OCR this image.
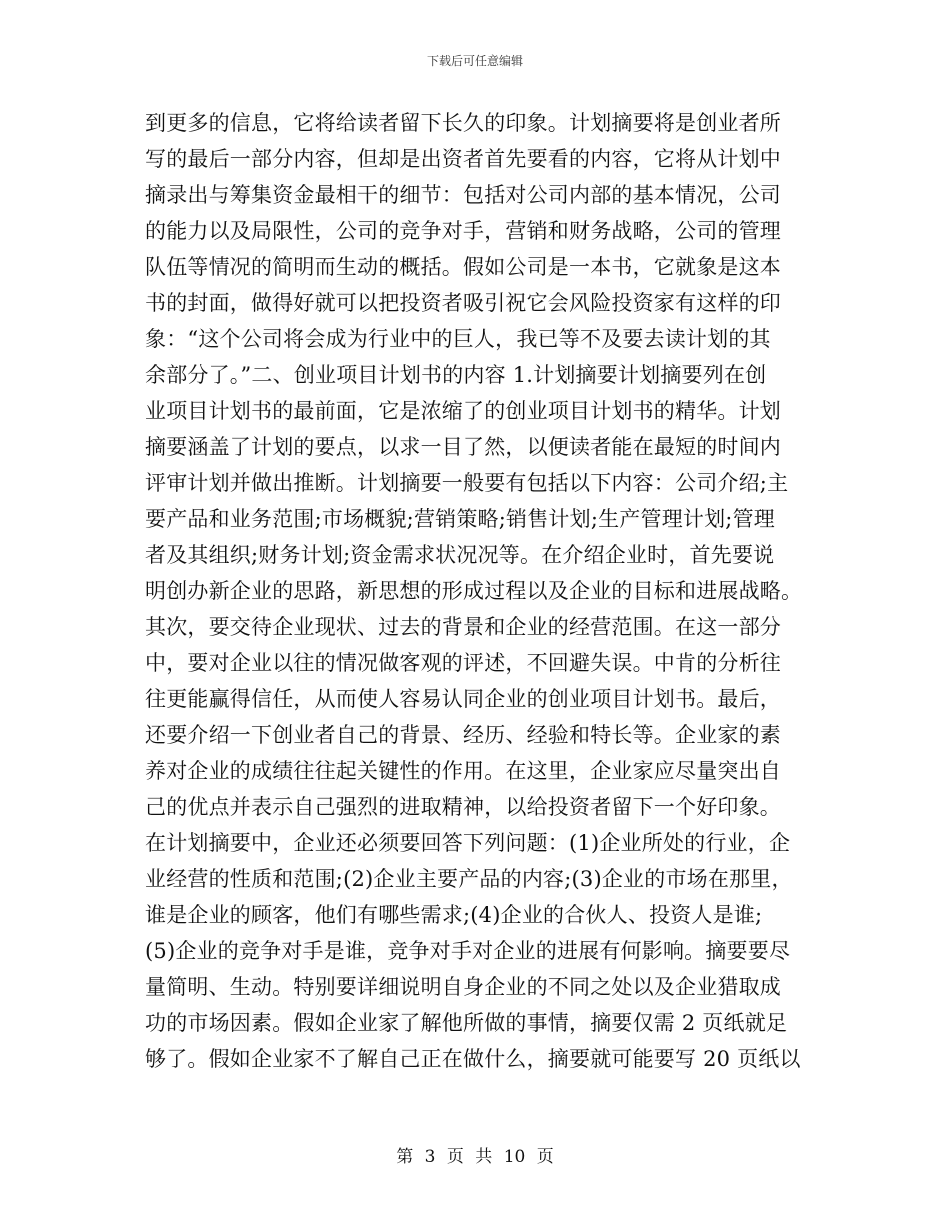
下载后可任意编辑
到更多的信息，它将给读者留下长久的印象。计划摘要将是创业者所
写的最后一部分内容，但却是出资者首先要看的内容，它将从计划中
摘录出与筹集资金最相干的细节：包括对公司内部的基本情况，公司
的能力以及局限性，公司的竞争对手，营销和财务战略，公司的管理
队伍等情况的简明而生动的概括。假如公司是一本书，它就象是这本
书的封面，做得好就可以把投资者吸引祝它会风险投资家有这样的印
象：“这个公司将会成为行业中的巨人，我已等不及要去读计划的其
余部分了。”二、创业项目计划书的内容 1.计划摘要计划摘要列在创
业项目计划书的最前面，它是浓缩了的创业项目计划书的精华。计划
摘要涵盖了计划的要点，以求一目了然，以便读者能在最短的时间内
评审计划并做出推断。计划摘要一般要有包括以下内容：公司介绍;主
要产品和业务范围;市场概貌;营销策略;销售计划;生产管理计划;管理
者及其组织;财务计划;资金需求状况况等。在介绍企业时，首先要说
明创办新企业的思路，新思想的形成过程以及企业的目标和进展战略。
其次，要交待企业现状、过去的背景和企业的经营范围。在这一部分
中，要对企业以往的情况做客观的评述，不回避失误。中肯的分析往
往更能赢得信任，从而使人容易认同企业的创业项目计划书。最后，
还要介绍一下创业者自己的背景、经历、经验和特长等。企业家的素
养对企业的成绩往往起关键性的作用。在这里，企业家应尽量突出自
己的优点并表示自己强烈的进取精神，以给投资者留下一个好印象。
在计划摘要中，企业还必须要回答下列问题：(1)企业所处的行业，企
业经营的性质和范围;(2)企业主要产品的内容;(3)企业的市场在那里，
谁是企业的顾客，他们有哪些需求;(4)企业的合伙人、投资人是谁;
(5)企业的竞争对手是谁，竞争对手对企业的进展有何影响。摘要要尽
量简明、生动。特别要详细说明自身企业的不同之处以及企业猎取成
功的市场因素。假如企业家了解他所做的事情，摘要仅需 2 页纸就足
够了。假如企业家不了解自己正在做什么，摘要就可能要写 20 页纸以
第 3 页 共 10 页
